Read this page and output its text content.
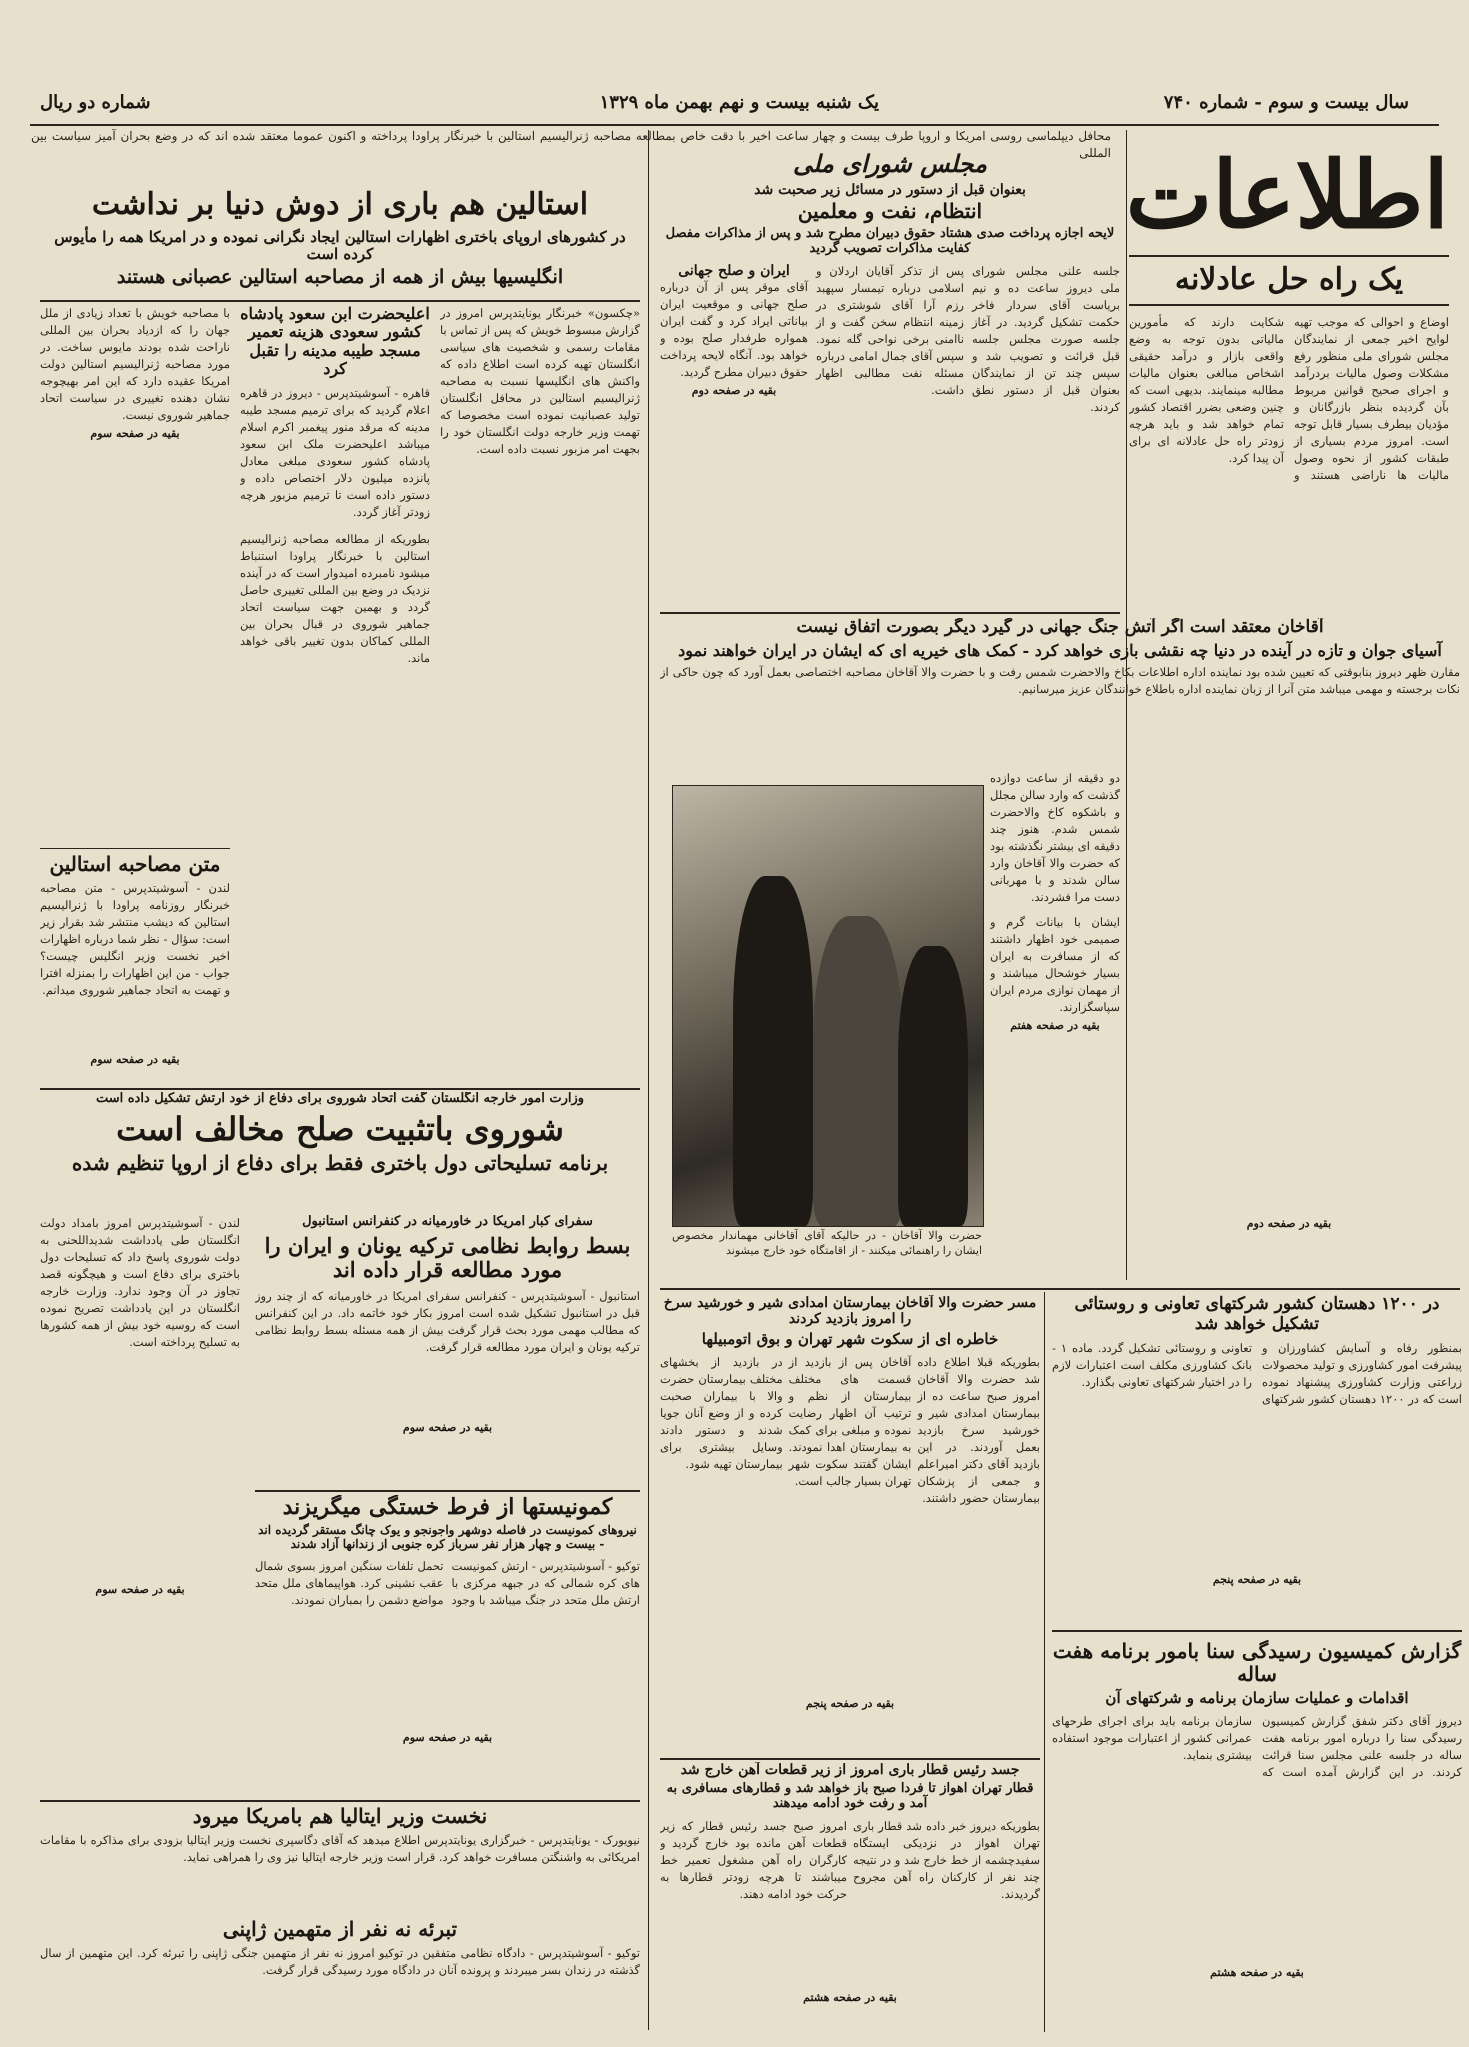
سال بیست و سوم - شماره ۷۴۰
یک شنبه بیست و نهم بهمن ماه ۱۳۲۹
شماره دو ریال
اطلاعات
یک راه حل عادلانه
اوضاع و احوالی که موجب تهیه لوایح اخیر جمعی از نمایندگان مجلس شورای ملی منظور رفع مشکلات وصول مالیات بردرآمد و اجرای صحیح قوانین مربوط بآن گردیده بنظر بازرگانان و مؤدیان بیطرف بسیار قابل توجه است. امروز مردم بسیاری از طبقات کشور از نحوه وصول مالیات ها ناراضی هستند و شکایت دارند که مأمورین مالیاتی بدون توجه به وضع واقعی بازار و درآمد حقیقی اشخاص مبالغی بعنوان مالیات مطالبه مینمایند. بدیهی است که چنین وضعی بضرر اقتصاد کشور تمام خواهد شد و باید هرچه زودتر راه حل عادلانه ای برای آن پیدا کرد.
بقیه در صفحه دوم
محافل دیپلماسی روسی امریکا و اروپا طرف بیست و چهار ساعت اخیر با دقت خاص بمطالعه مصاحبه ژنرالیسیم استالین با خبرنگار پراودا پرداخته و اکنون عموما معتقد شده اند که در وضع بحران آمیز سیاست بین المللی
استالین هم باری از دوش دنیا بر نداشت
در کشورهای اروپای باختری اظهارات استالین ایجاد نگرانی نموده و در امریکا همه را مأیوس کرده است
انگلیسیها بیش از همه از مصاحبه استالین عصبانی هستند
«چکسون» خبرنگار یونایتدپرس امروز در گزارش مبسوط خویش که پس از تماس با مقامات رسمی و شخصیت های سیاسی انگلستان تهیه کرده است اطلاع داده که واکنش های انگلیسها نسبت به مصاحبه ژنرالیسیم استالین در محافل انگلستان تولید عصبانیت نموده است مخصوصا که تهمت وزیر خارجه دولت انگلستان خود را بجهت امر مزبور نسبت داده است.
اعلیحضرت ابن سعود پادشاه کشور سعودی هزینه تعمیر مسجد طیبه مدینه را تقبل کرد
قاهره - آسوشیتدپرس - دیروز در قاهره اعلام گردید که برای ترمیم مسجد طیبه مدینه که مرقد منور پیغمبر اکرم اسلام میباشد اعلیحضرت ملک ابن سعود پادشاه کشور سعودی مبلغی معادل پانزده میلیون دلار اختصاص داده و دستور داده است تا ترمیم مزبور هرچه زودتر آغاز گردد.
بطوریکه از مطالعه مصاحبه ژنرالیسیم استالین با خبرنگار پراودا استنباط میشود نامبرده امیدوار است که در آینده نزدیک در وضع بین المللی تغییری حاصل گردد و بهمین جهت سیاست اتحاد جماهیر شوروی در قبال بحران بین المللی کماکان بدون تغییر باقی خواهد ماند.
با مصاحبه خویش با تعداد زیادی از ملل جهان را که ازدیاد بحران بین المللی ناراحت شده بودند مایوس ساخت. در مورد مصاحبه ژنرالیسیم استالین دولت امریکا عقیده دارد که این امر بهیچوجه نشان دهنده تغییری در سیاست اتحاد جماهیر شوروی نیست.
بقیه در صفحه سوم
متن مصاحبه استالین
لندن - آسوشیتدپرس - متن مصاحبه خبرنگار روزنامه پراودا با ژنرالیسیم استالین که دیشب منتشر شد بقرار زیر است: سؤال - نظر شما درباره اظهارات اخیر نخست وزیر انگلیس چیست؟ جواب - من این اظهارات را بمنزله افترا و تهمت به اتحاد جماهیر شوروی میدانم.
بقیه در صفحه سوم
وزارت امور خارجه انگلستان گفت اتحاد شوروی برای دفاع از خود ارتش تشکیل داده است
شوروی باتثبیت صلح مخالف است
برنامه تسلیحاتی دول باختری فقط برای دفاع از اروپا تنظیم شده
لندن - آسوشیتدپرس امروز بامداد دولت انگلستان طی یادداشت شدیداللحنی به دولت شوروی پاسخ داد که تسلیحات دول باختری برای دفاع است و هیچگونه قصد تجاوز در آن وجود ندارد. وزارت خارجه انگلستان در این یادداشت تصریح نموده است که روسیه خود بیش از همه کشورها به تسلیح پرداخته است.
بقیه در صفحه سوم
سفرای کبار امریکا در خاورمیانه در کنفرانس استانبول
بسط روابط نظامی ترکیه یونان و ایران را مورد مطالعه قرار داده اند
استانبول - آسوشیتدپرس - کنفرانس سفرای امریکا در خاورمیانه که از چند روز قبل در استانبول تشکیل شده است امروز بکار خود خاتمه داد. در این کنفرانس که مطالب مهمی مورد بحث قرار گرفت بیش از همه مسئله بسط روابط نظامی ترکیه یونان و ایران مورد مطالعه قرار گرفت.
بقیه در صفحه سوم
کمونیستها از فرط خستگی میگریزند
نیروهای کمونیست در فاصله دوشهر واجونجو و یوک چانگ مستقر گردیده اند - بیست و چهار هزار نفر سرباز کره جنوبی از زندانها آزاد شدند
توکیو - آسوشیتدپرس - ارتش کمونیست های کره شمالی که در جبهه مرکزی با ارتش ملل متحد در جنگ میباشد با وجود تحمل تلفات سنگین امروز بسوی شمال عقب نشینی کرد. هواپیماهای ملل متحد مواضع دشمن را بمباران نمودند.
بقیه در صفحه سوم
نخست وزیر ایتالیا هم بامریکا میرود
نیویورک - یونایتدپرس - خبرگزاری یونایتدپرس اطلاع میدهد که آقای دگاسپری نخست وزیر ایتالیا بزودی برای مذاکره با مقامات امریکائی به واشنگتن مسافرت خواهد کرد. قرار است وزیر خارجه ایتالیا نیز وی را همراهی نماید.
تبرئه نه نفر از متهمین ژاپنی
توکیو - آسوشیتدپرس - دادگاه نظامی متفقین در توکیو امروز نه نفر از متهمین جنگی ژاپنی را تبرئه کرد. این متهمین از سال گذشته در زندان بسر میبردند و پرونده آنان در دادگاه مورد رسیدگی قرار گرفت.
مجلس شورای ملی
بعنوان قبل از دستور در مسائل زیر صحبت شد
انتظام، نفت و معلمین
لایحه اجازه پرداخت صدی هشتاد حقوق دبیران مطرح شد و پس از مذاکرات مفصل کفایت مذاکرات تصویب گردید
جلسه علنی مجلس شورای ملی دیروز ساعت ده و نیم بریاست آقای سردار فاخر حکمت تشکیل گردید. در آغاز جلسه صورت مجلس جلسه قبل قرائت و تصویب شد و سپس چند تن از نمایندگان بعنوان قبل از دستور نطق کردند.
پس از تذکر آقایان اردلان و اسلامی درباره تیمسار سپهبد رزم آرا آقای شوشتری در زمینه انتظام سخن گفت و از ناامنی برخی نواحی گله نمود. سپس آقای جمال امامی درباره مسئله نفت مطالبی اظهار داشت.
ایران و صلح جهانی
آقای موقر پس از آن درباره صلح جهانی و موقعیت ایران بیاناتی ایراد کرد و گفت ایران همواره طرفدار صلح بوده و خواهد بود. آنگاه لایحه پرداخت حقوق دبیران مطرح گردید.
بقیه در صفحه دوم
آقاخان معتقد است اگر آتش جنگ جهانی در گیرد دیگر بصورت اتفاق نیست
آسیای جوان و تازه در آینده در دنیا چه نقشی بازی خواهد کرد - کمک های خیریه ای که ایشان در ایران خواهند نمود
مقارن ظهر دیروز بنابوقتی که تعیین شده بود نماینده اداره اطلاعات بکاخ والاحضرت شمس رفت و با حضرت والا آقاخان مصاحبه اختصاصی بعمل آورد که چون حاکی از نکات برجسته و مهمی میباشد متن آنرا از زبان نماینده اداره باطلاع خوانندگان عزیز میرسانیم.
حضرت والا آقاخان - در حالیکه آقای آقاخانی مهماندار مخصوص ایشان را راهنمائی میکنند - از اقامتگاه خود خارج میشوند
دو دقیقه از ساعت دوازده گذشت که وارد سالن مجلل و باشکوه کاخ والاحضرت شمس شدم. هنوز چند دقیقه ای بیشتر نگذشته بود که حضرت والا آقاخان وارد سالن شدند و با مهربانی دست مرا فشردند.
ایشان با بیانات گرم و صمیمی خود اظهار داشتند که از مسافرت به ایران بسیار خوشحال میباشند و از مهمان نوازی مردم ایران سپاسگزارند.
بقیه در صفحه هفتم
مسر حضرت والا آقاخان بیمارستان امدادی شیر و خورشید سرخ را امروز بازدید کردند
خاطره ای از سکوت شهر تهران و بوق اتومبیلها
بطوریکه قبلا اطلاع داده شد حضرت والا آقاخان امروز صبح ساعت ده از بیمارستان امدادی شیر و خورشید سرخ بازدید بعمل آوردند. در این بازدید آقای دکتر امیراعلم و جمعی از پزشکان بیمارستان حضور داشتند.
آقاخان پس از بازدید از قسمت های مختلف بیمارستان از نظم و ترتیب آن اظهار رضایت نموده و مبلغی برای کمک به بیمارستان اهدا نمودند. ایشان گفتند سکوت شهر تهران بسیار جالب است.
در بازدید از بخشهای مختلف بیمارستان حضرت والا با بیماران صحبت کرده و از وضع آنان جویا شدند و دستور دادند وسایل بیشتری برای بیمارستان تهیه شود.
بقیه در صفحه پنجم
در ۱۲۰۰ دهستان کشور شرکتهای تعاونی و روستائی تشکیل خواهد شد
بمنظور رفاه و آسایش کشاورزان و پیشرفت امور کشاورزی و تولید محصولات زراعتی وزارت کشاورزی پیشنهاد نموده است که در ۱۲۰۰ دهستان کشور شرکتهای تعاونی و روستائی تشکیل گردد. ماده ۱ - بانک کشاورزی مکلف است اعتبارات لازم را در اختیار شرکتهای تعاونی بگذارد.
بقیه در صفحه پنجم
گزارش کمیسیون رسیدگی سنا بامور برنامه هفت ساله
اقدامات و عملیات سازمان برنامه و شرکتهای آن
دیروز آقای دکتر شفق گزارش کمیسیون رسیدگی سنا را درباره امور برنامه هفت ساله در جلسه علنی مجلس سنا قرائت کردند. در این گزارش آمده است که سازمان برنامه باید برای اجرای طرحهای عمرانی کشور از اعتبارات موجود استفاده بیشتری بنماید.
بقیه در صفحه هشتم
جسد رئیس قطار باری امروز از زیر قطعات آهن خارج شد
قطار تهران اهواز تا فردا صبح باز خواهد شد و قطارهای مسافری به آمد و رفت خود ادامه میدهند
بطوریکه دیروز خبر داده شد قطار باری تهران اهواز در نزدیکی ایستگاه سفیدچشمه از خط خارج شد و در نتیجه چند نفر از کارکنان راه آهن مجروح گردیدند.
امروز صبح جسد رئیس قطار که زیر قطعات آهن مانده بود خارج گردید و کارگران راه آهن مشغول تعمیر خط میباشند تا هرچه زودتر قطارها به حرکت خود ادامه دهند.
بقیه در صفحه هشتم
